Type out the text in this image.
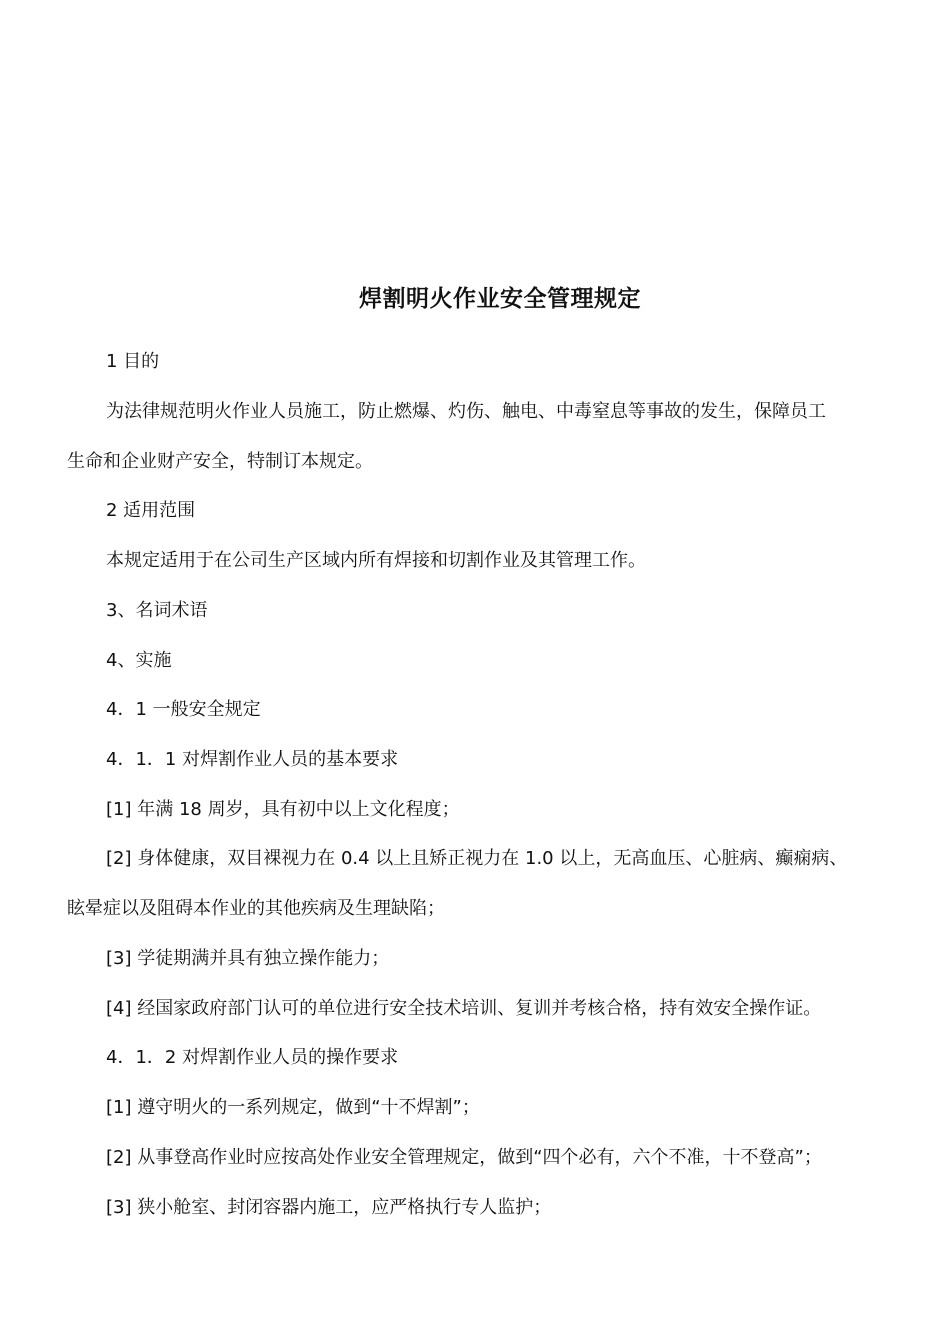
焊割明火作业安全管理规定
1 目的
为法律规范明火作业人员施工，防止燃爆、灼伤、触电、中毒窒息等事故的发生，保障员工
生命和企业财产安全，特制订本规定。
2 适用范围
本规定适用于在公司生产区域内所有焊接和切割作业及其管理工作。
3、名词术语
4、实施
4．1 一般安全规定
4．1．1 对焊割作业人员的基本要求
[1] 年满 18 周岁，具有初中以上文化程度；
[2] 身体健康，双目裸视力在 0.4 以上且矫正视力在 1.0 以上，无高血压、心脏病、癫痫病、
眩晕症以及阻碍本作业的其他疾病及生理缺陷；
[3] 学徒期满并具有独立操作能力；
[4] 经国家政府部门认可的单位进行安全技术培训、复训并考核合格，持有效安全操作证。
4．1．2 对焊割作业人员的操作要求
[1] 遵守明火的一系列规定，做到“十不焊割”；
[2] 从事登高作业时应按高处作业安全管理规定，做到“四个必有，六个不准，十不登高”；
[3] 狭小舱室、封闭容器内施工，应严格执行专人监护；
